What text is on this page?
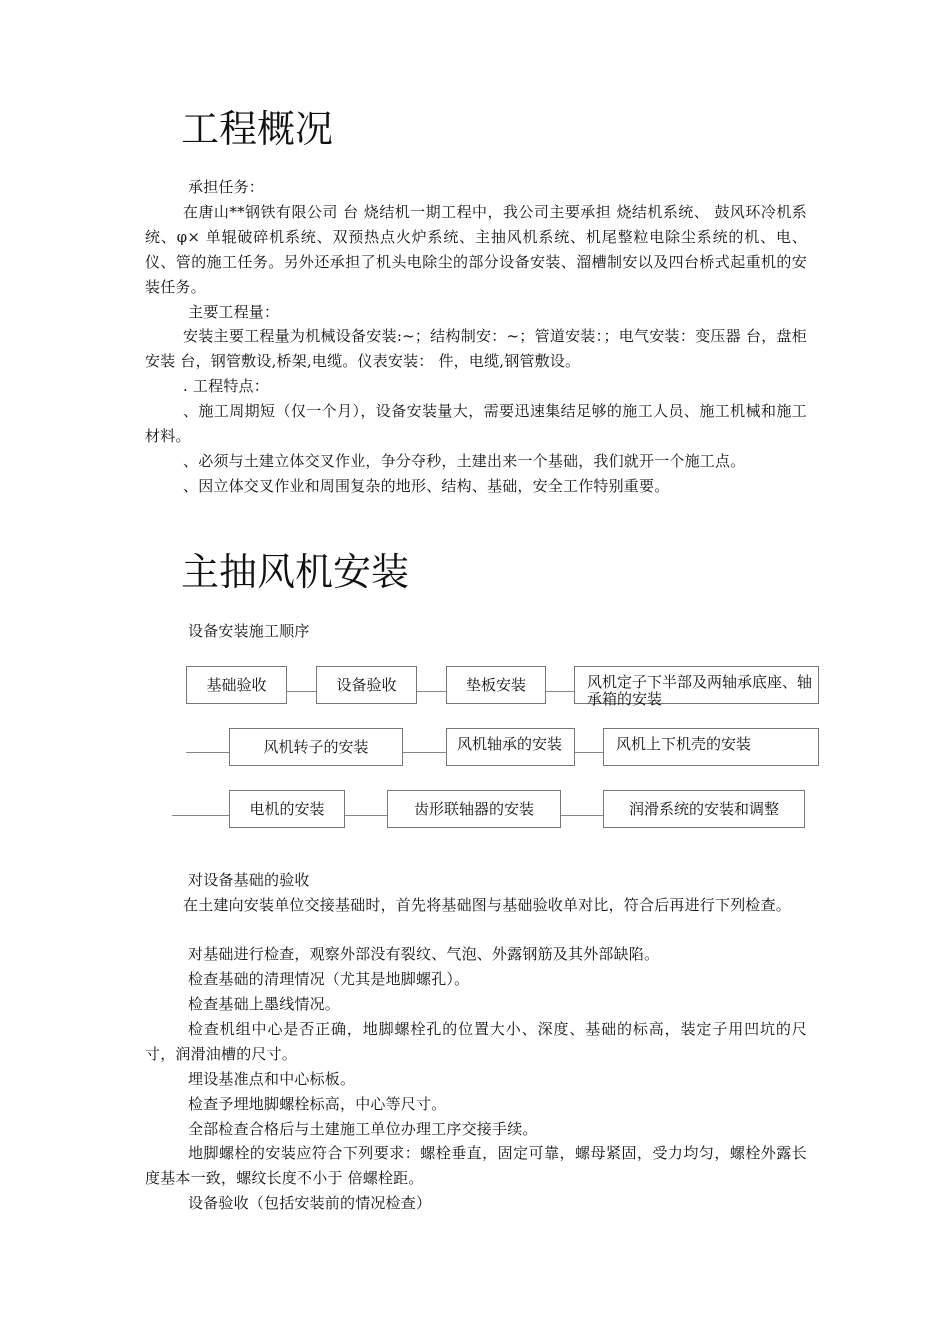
工程概况

承担任务：

在唐山**钢铁有限公司 台 烧结机一期工程中，我公司主要承担 烧结机系统、 鼓风环冷机系统、φ× 单辊破碎机系统、双预热点火炉系统、主抽风机系统、机尾整粒电除尘系统的机、电、仪、管的施工任务。另外还承担了机头电除尘的部分设备安装、溜槽制安以及四台桥式起重机的安装任务。

主要工程量：

安装主要工程量为机械设备安装:~；结构制安：~；管道安装：；电气安装：变压器 台，盘柜安装 台，钢管敷设,桥架,电缆。仪表安装： 件，电缆,钢管敷设。

. 工程特点：

、施工周期短（仅一个月），设备安装量大，需要迅速集结足够的施工人员、施工机械和施工材料。

、必须与土建立体交叉作业，争分夺秒，土建出来一个基础，我们就开一个施工点。

、因立体交叉作业和周围复杂的地形、结构、基础，安全工作特别重要。

主抽风机安装

设备安装施工顺序

基础验收	设备验收	垫板安装	风机定子下半部及两轴承底座、轴承箱的安装
风机转子的安装	风机轴承的安装	风机上下机壳的安装
电机的安装	齿形联轴器的安装	润滑系统的安装和调整

对设备基础的验收

在土建向安装单位交接基础时，首先将基础图与基础验收单对比，符合后再进行下列检查。

对基础进行检查，观察外部没有裂纹、气泡、外露钢筋及其外部缺陷。

检查基础的清理情况（尤其是地脚螺孔）。

检查基础上墨线情况。

检查机组中心是否正确，地脚螺栓孔的位置大小、深度、基础的标高，装定子用凹坑的尺寸，润滑油槽的尺寸。

埋设基准点和中心标板。

检查予埋地脚螺栓标高，中心等尺寸。

全部检查合格后与土建施工单位办理工序交接手续。

地脚螺栓的安装应符合下列要求：螺栓垂直，固定可靠，螺母紧固，受力均匀，螺栓外露长度基本一致，螺纹长度不小于 倍螺栓距。

设备验收（包括安装前的情况检查）
